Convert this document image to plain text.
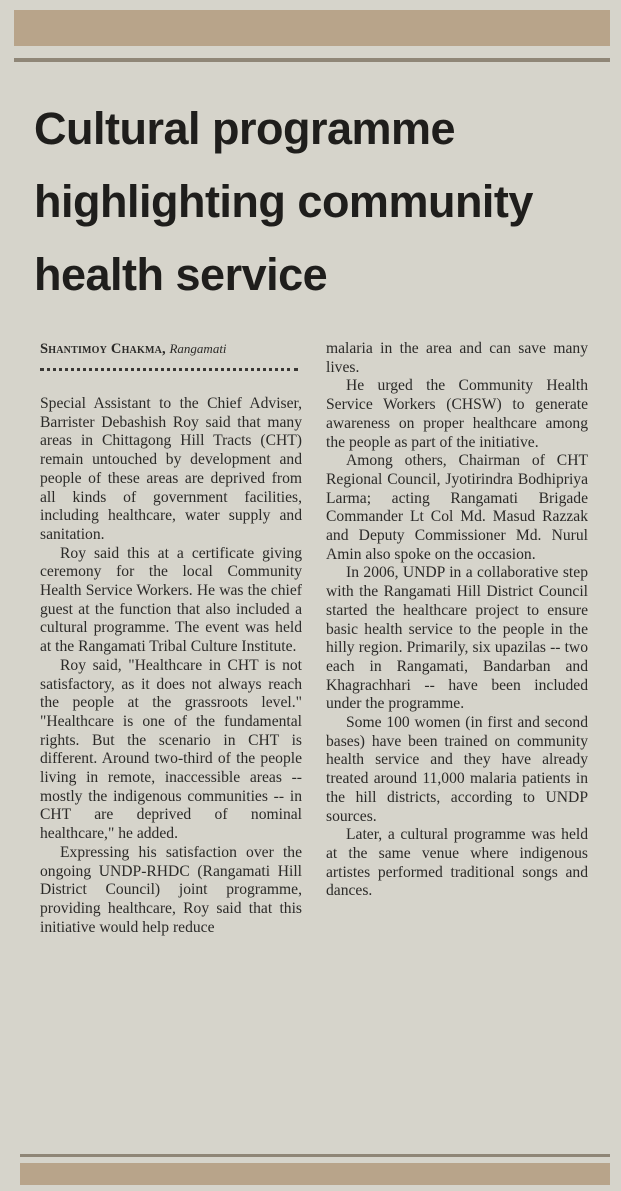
Cultural programme
highlighting community
health service
Shantimoy Chakma, Rangamati

Special Assistant to the Chief Adviser, Barrister Debashish Roy said that many areas in Chittagong Hill Tracts (CHT) remain untouched by development and people of these areas are deprived from all kinds of government facilities, including healthcare, water supply and sanitation.

Roy said this at a certificate giving ceremony for the local Community Health Service Workers. He was the chief guest at the function that also included a cultural programme. The event was held at the Rangamati Tribal Culture Institute.

Roy said, "Healthcare in CHT is not satisfactory, as it does not always reach the people at the grassroots level." "Healthcare is one of the fundamental rights. But the scenario in CHT is different. Around two-third of the people living in remote, inaccessible areas -- mostly the indigenous communities -- in CHT are deprived of nominal healthcare," he added.

Expressing his satisfaction over the ongoing UNDP-RHDC (Rangamati Hill District Council) joint programme, providing healthcare, Roy said that this initiative would help reduce

malaria in the area and can save many lives.

He urged the Community Health Service Workers (CHSW) to generate awareness on proper healthcare among the people as part of the initiative.

Among others, Chairman of CHT Regional Council, Jyotirindra Bodhipriya Larma; acting Rangamati Brigade Commander Lt Col Md. Masud Razzak and Deputy Commissioner Md. Nurul Amin also spoke on the occasion.

In 2006, UNDP in a collaborative step with the Rangamati Hill District Council started the healthcare project to ensure basic health service to the people in the hilly region. Primarily, six upazilas -- two each in Rangamati, Bandarban and Khagrachhari -- have been included under the programme.

Some 100 women (in first and second bases) have been trained on community health service and they have already treated around 11,000 malaria patients in the hill districts, according to UNDP sources.

Later, a cultural programme was held at the same venue where indigenous artistes performed traditional songs and dances.
